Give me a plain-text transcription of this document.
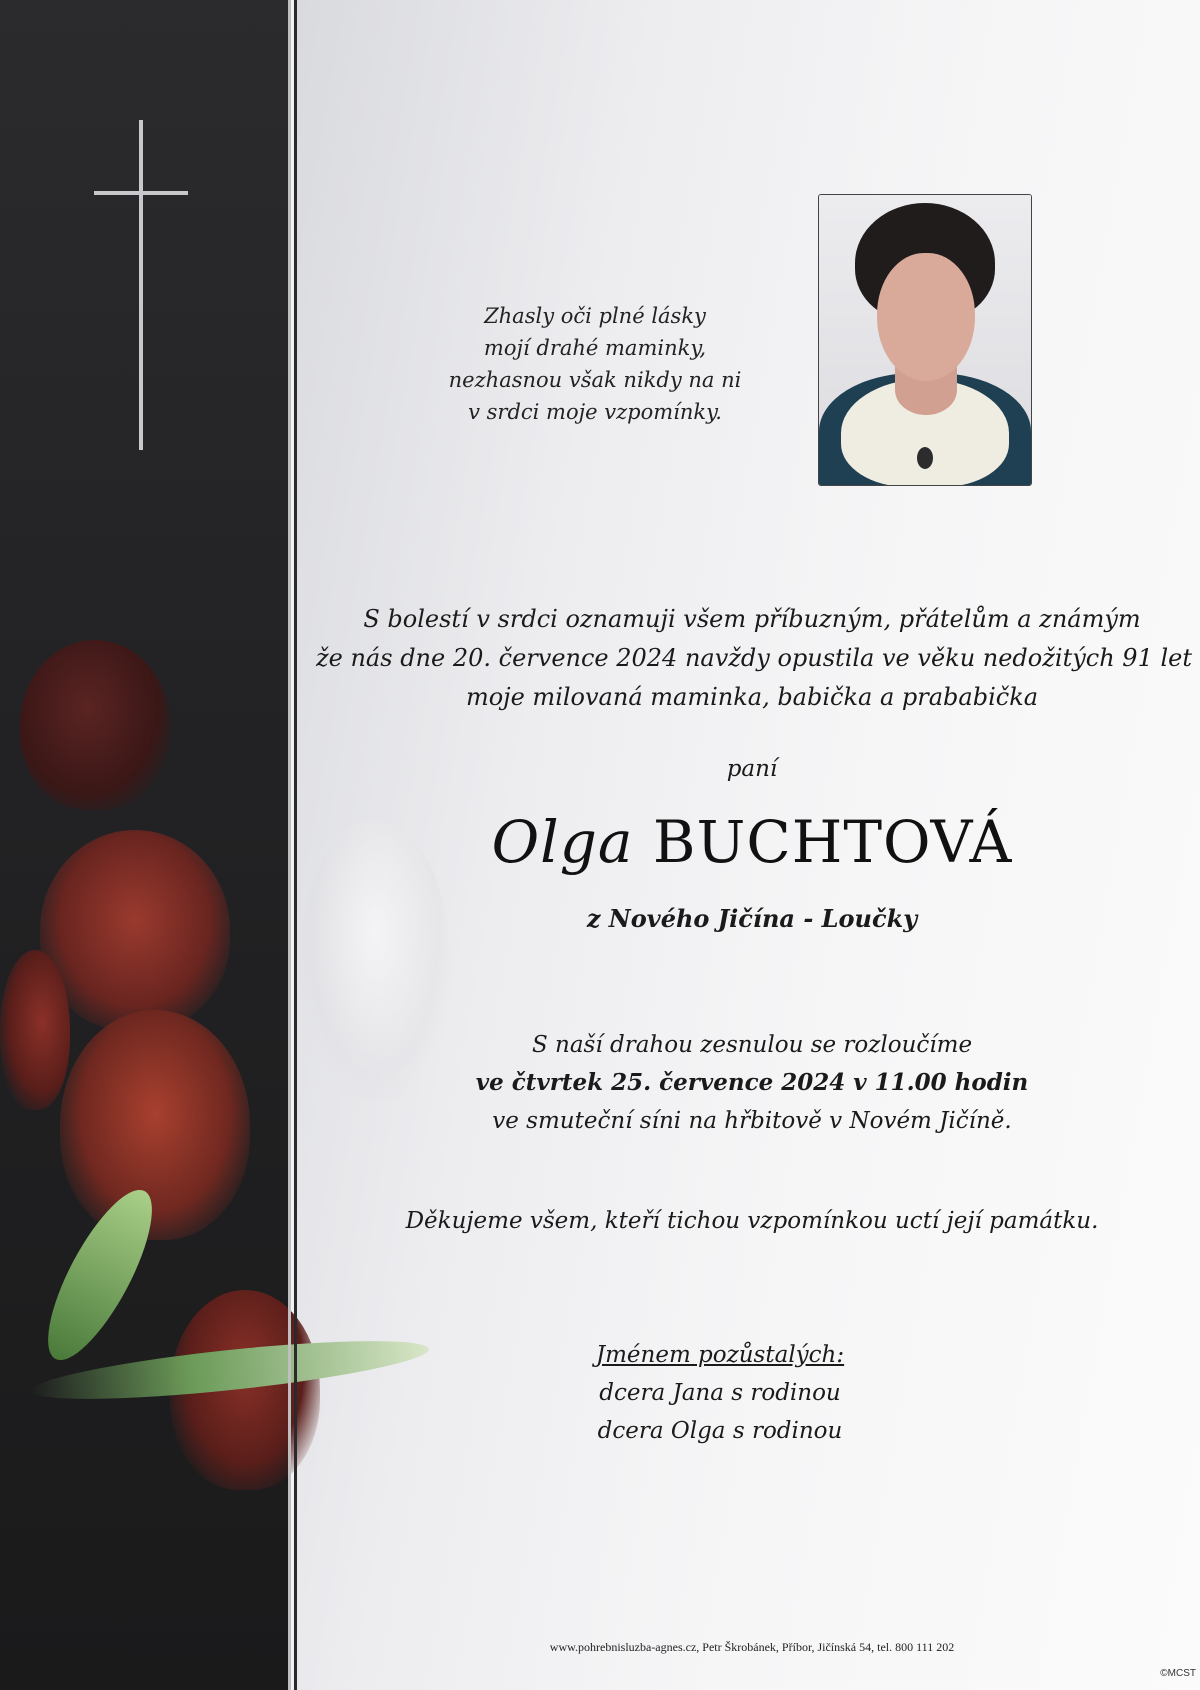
Zhasly oči plné lásky
mojí drahé maminky,
nezhasnou však nikdy na ni
v srdci moje vzpomínky.
S bolestí v srdci oznamuji všem příbuzným, přátelům a známým
že nás dne 20. července 2024 navždy opustila ve věku nedožitých 91 let
moje milovaná maminka, babička a prababička
paní
Olga BUCHTOVÁ
z Nového Jičína - Loučky
S naší drahou zesnulou se rozloučíme
ve čtvrtek 25. července 2024 v 11.00 hodin
ve smuteční síni na hřbitově v Novém Jičíně.
Děkujeme všem, kteří tichou vzpomínkou uctí její památku.
Jménem pozůstalých:
dcera Jana s rodinou
dcera Olga s rodinou
www.pohrebnisluzba-agnes.cz, Petr Škrobánek, Příbor, Jičínská 54, tel. 800 111 202
©MCST
